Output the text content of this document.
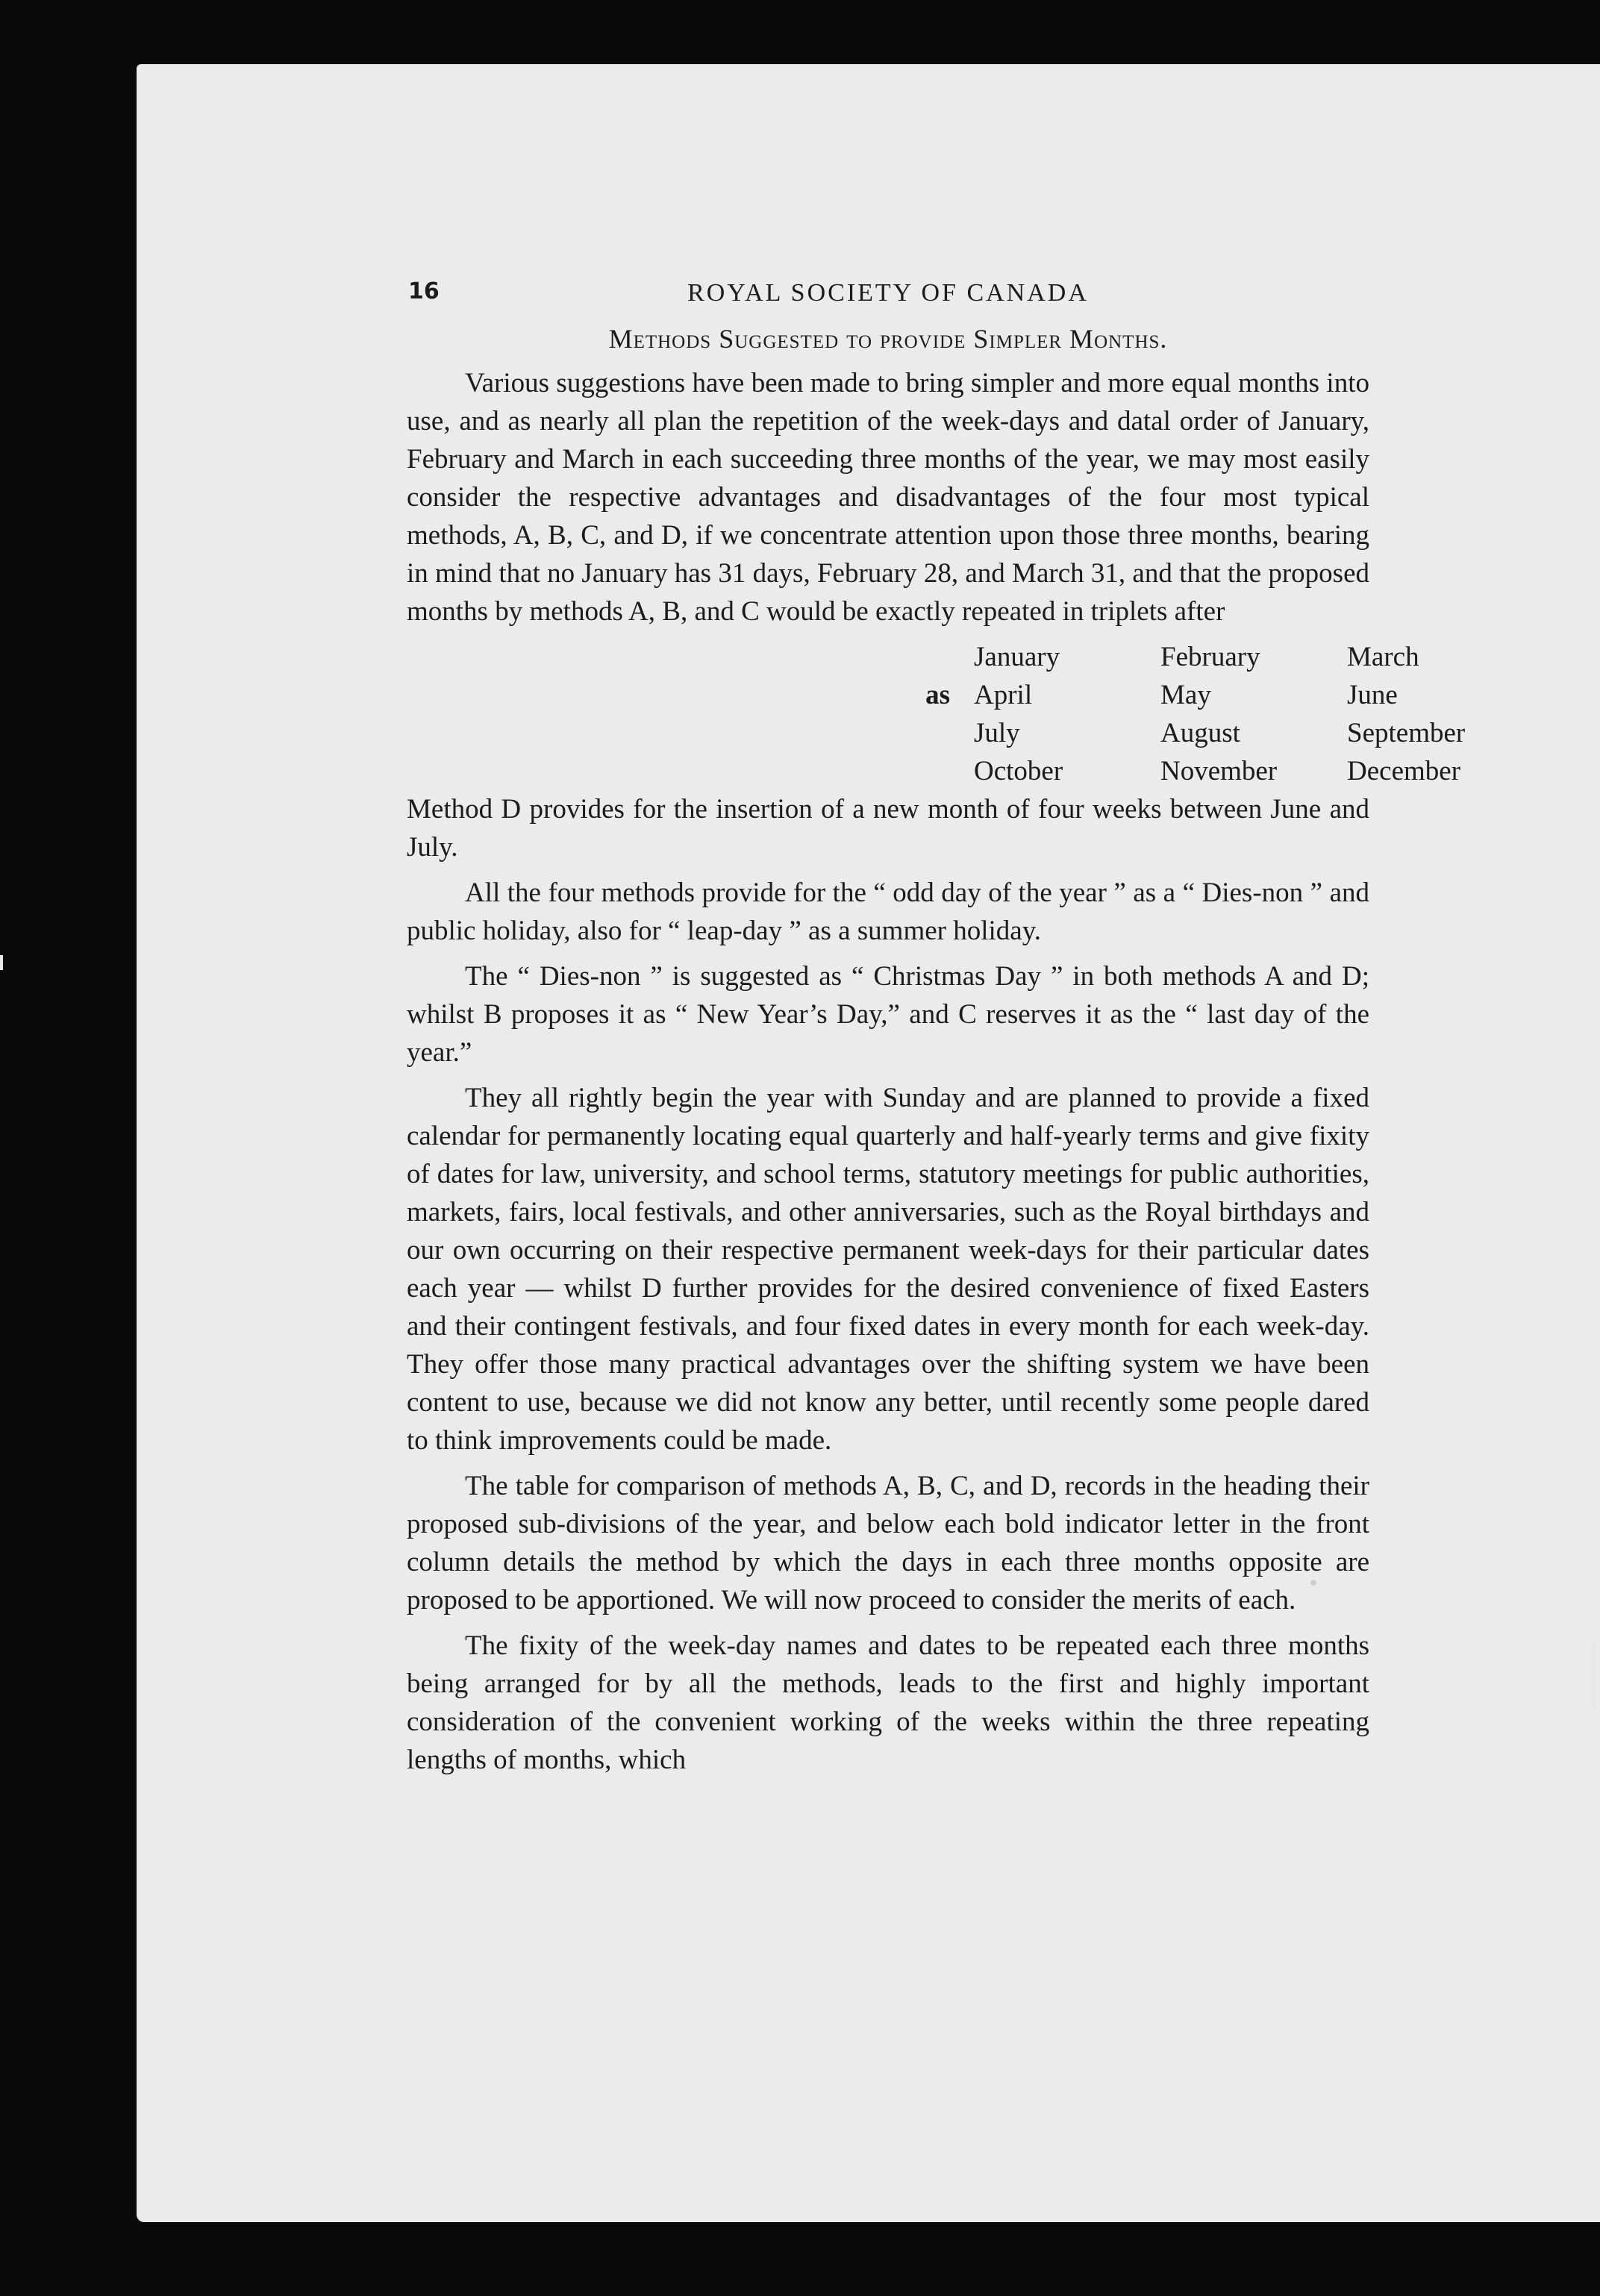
16	ROYAL SOCIETY OF CANADA
Methods Suggested to provide Simpler Months.

Various suggestions have been made to bring simpler and more equal months into use, and as nearly all plan the repetition of the week-days and datal order of January, February and March in each succeeding three months of the year, we may most easily consider the respective advantages and disadvantages of the four most typical methods, A, B, C, and D, if we concentrate attention upon those three months, bearing in mind that no January has 31 days, February 28, and March 31, and that the proposed months by methods A, B, and C would be exactly repeated in triplets after

January	February	March
as April	May	June
July	August	September
October	November	December

Method D provides for the insertion of a new month of four weeks between June and July.

All the four methods provide for the “ odd day of the year ” as a “ Dies-non ” and public holiday, also for “ leap-day ” as a summer holiday.

The “ Dies-non ” is suggested as “ Christmas Day ” in both methods A and D; whilst B proposes it as “ New Year’s Day,” and C reserves it as the “ last day of the year.”

They all rightly begin the year with Sunday and are planned to provide a fixed calendar for permanently locating equal quarterly and half-yearly terms and give fixity of dates for law, university, and school terms, statutory meetings for public authorities, markets, fairs, local festivals, and other anniversaries, such as the Royal birthdays and our own occurring on their respective permanent week-days for their particular dates each year — whilst D further provides for the desired convenience of fixed Easters and their contingent festivals, and four fixed dates in every month for each week-day. They offer those many practical advantages over the shifting system we have been content to use, because we did not know any better, until recently some people dared to think improvements could be made.

The table for comparison of methods A, B, C, and D, records in the heading their proposed sub-divisions of the year, and below each bold indicator letter in the front column details the method by which the days in each three months opposite are proposed to be apportioned. We will now proceed to consider the merits of each.

The fixity of the week-day names and dates to be repeated each three months being arranged for by all the methods, leads to the first and highly important consideration of the convenient working of the weeks within the three repeating lengths of months, which
